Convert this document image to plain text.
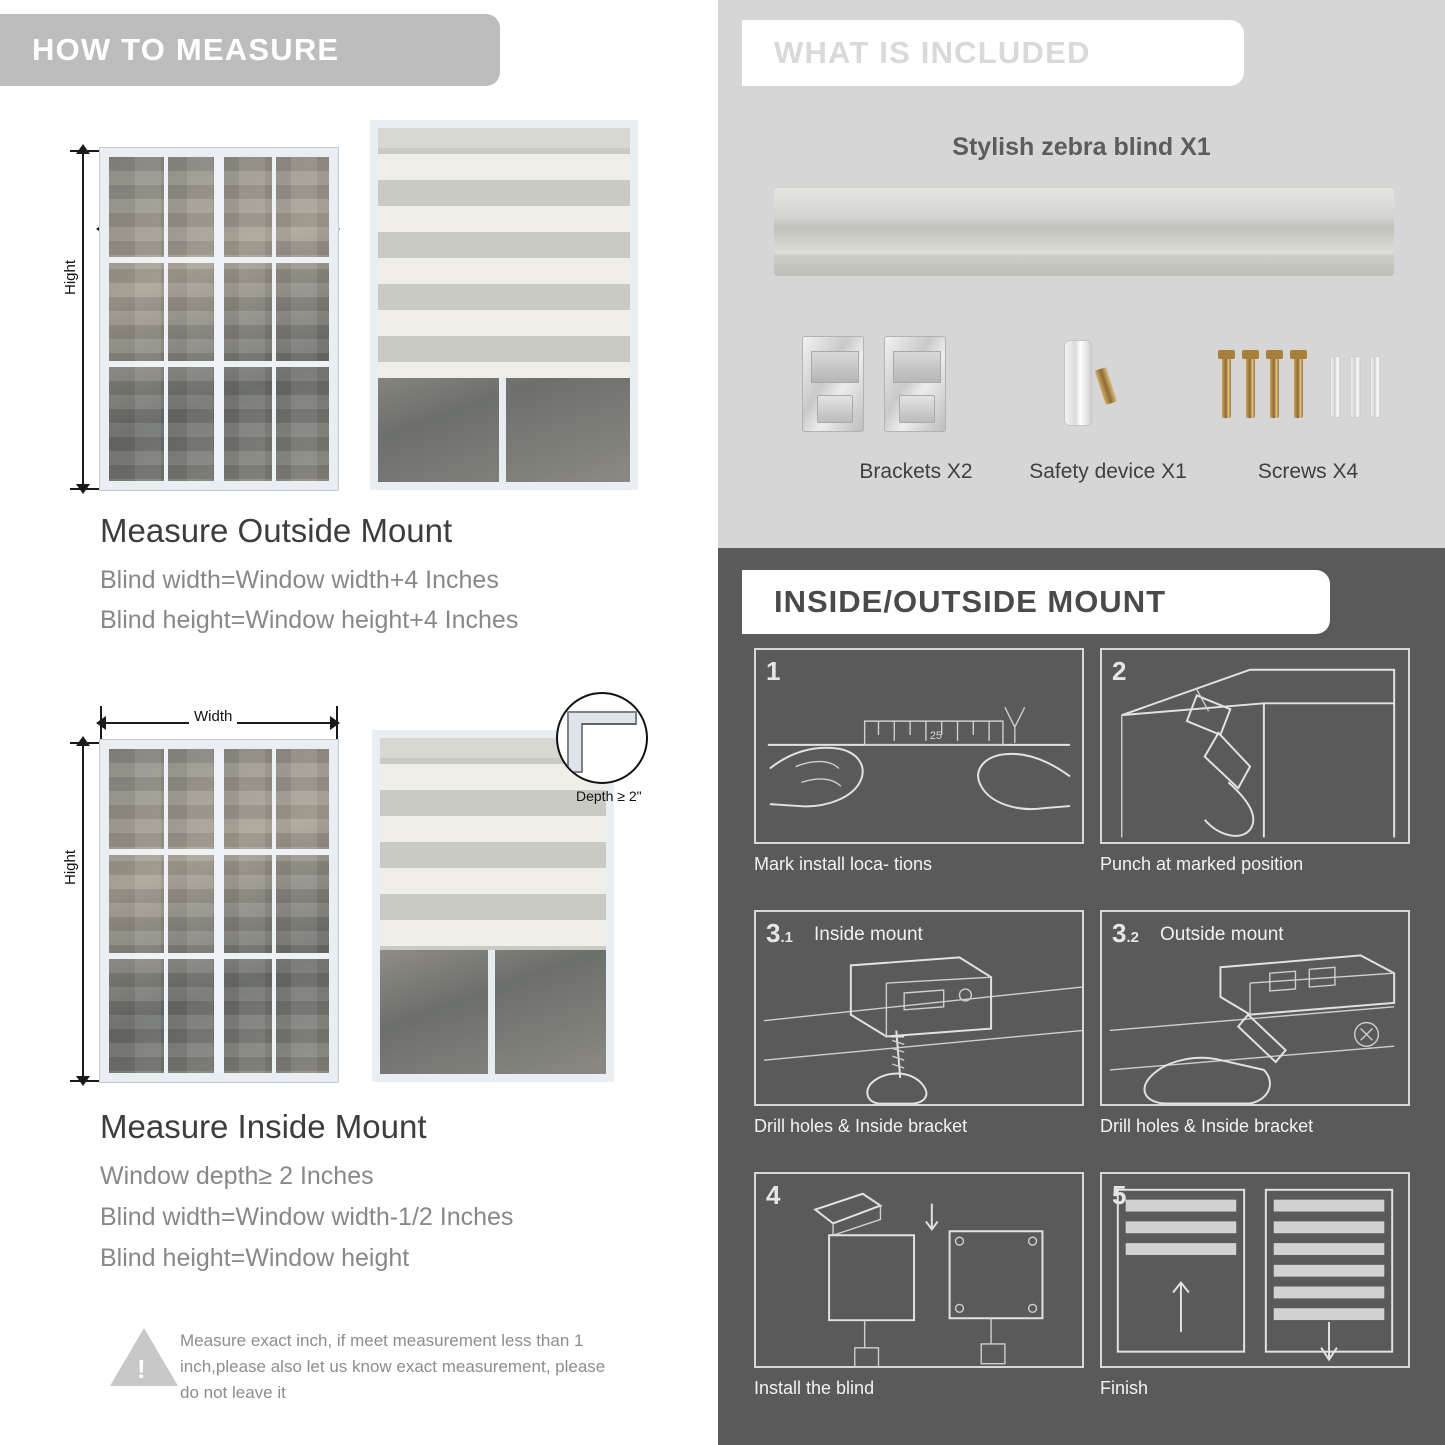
HOW TO MEASURE
Hight
Measure Outside Mount

Blind width=Window width+4 Inches

Blind height=Window height+4 Inches

Width
Hight
Depth ≥ 2"
Measure Inside Mount

Window depth≥ 2 Inches

Blind width=Window width-1/2 Inches

Blind height=Window height

!
Measure exact inch, if meet measurement less than 1 inch,please also let us know exact measurement, please do not leave it
WHAT IS INCLUDED
Stylish zebra blind X1
Brackets X2	Safety device X1	Screws X4
INSIDE/OUTSIDE MOUNT
25
1
Mark install loca- tions
2
Punch at marked position
3.1 Inside mount
Drill holes & Inside bracket
3.2 Outside mount
Drill holes & Inside bracket
4
Install the blind
5
Finish
